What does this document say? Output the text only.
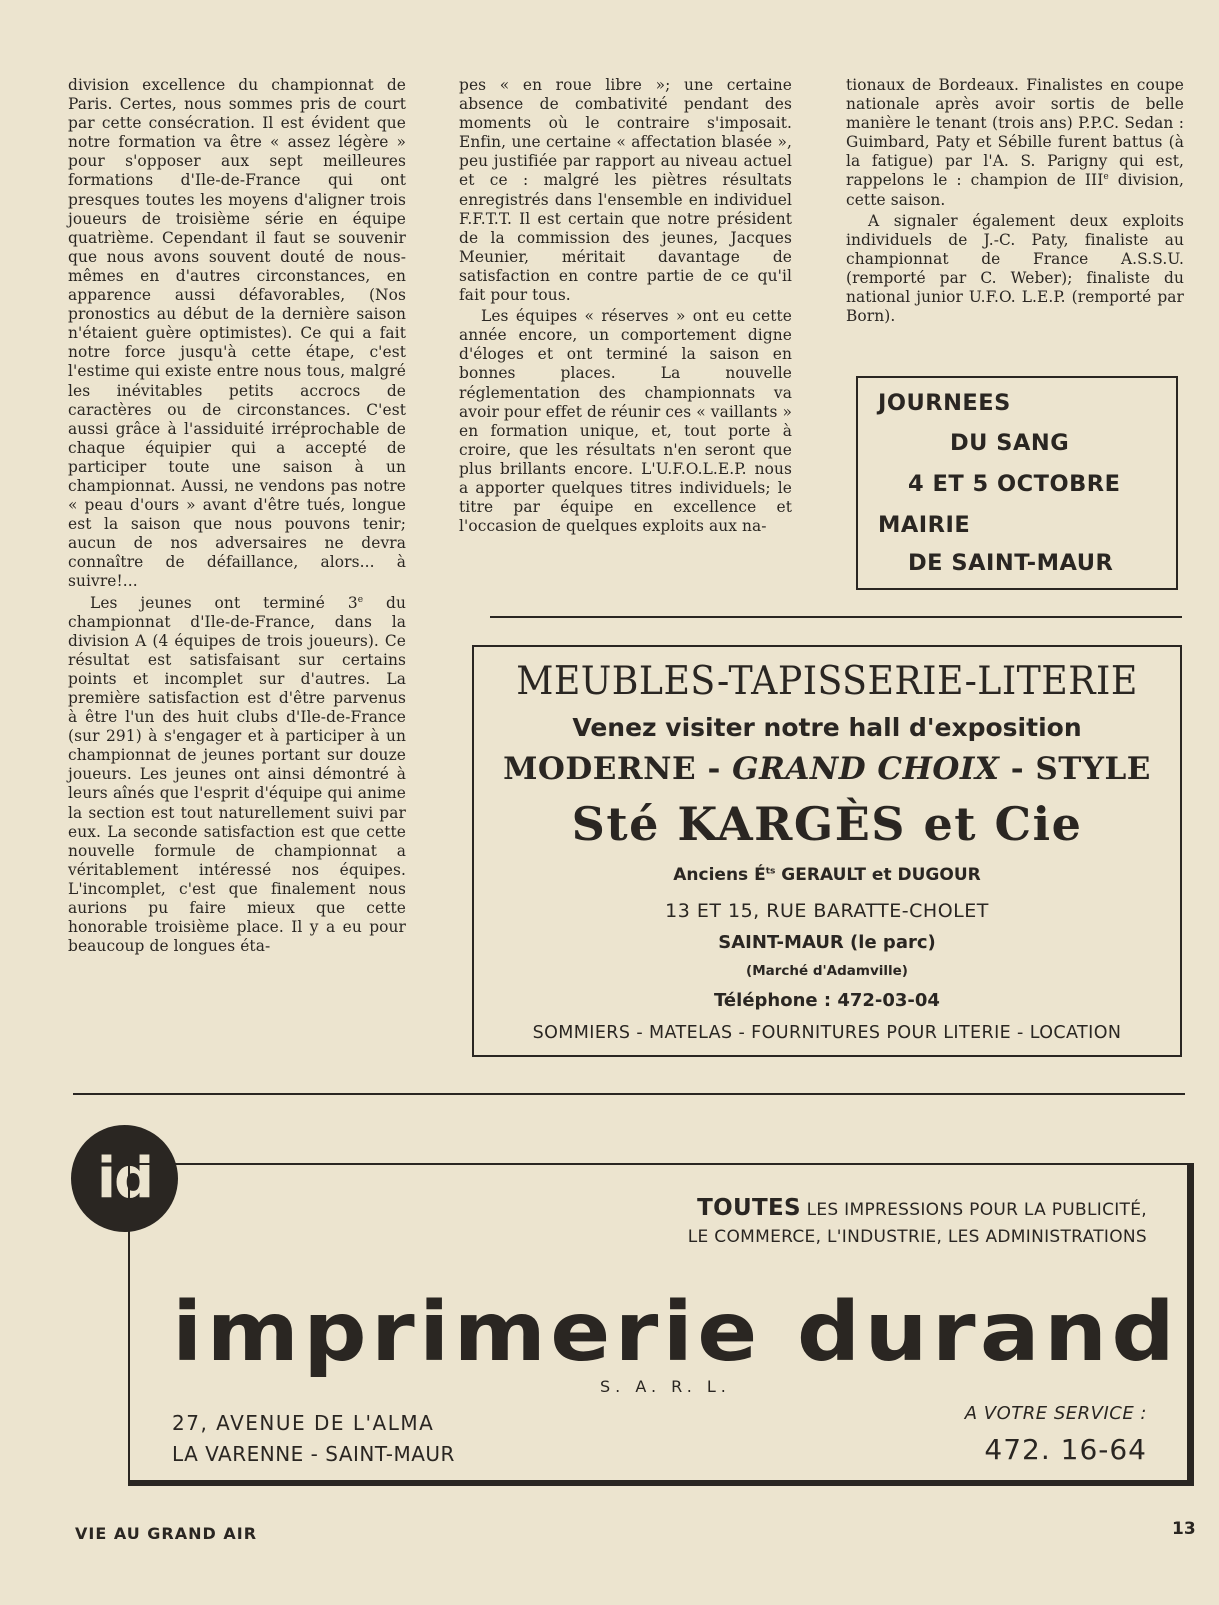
division excellence du championnat de Paris. Certes, nous sommes pris de court par cette consécration. Il est évident que notre formation va être « assez légère » pour s'opposer aux sept meilleures formations d'Ile-de-France qui ont presques toutes les moyens d'aligner trois joueurs de troisième série en équipe quatrième. Cependant il faut se souvenir que nous avons souvent douté de nous-mêmes en d'autres circonstances, en apparence aussi défavorables, (Nos pronostics au début de la dernière saison n'étaient guère optimistes). Ce qui a fait notre force jusqu'à cette étape, c'est l'estime qui existe entre nous tous, malgré les inévitables petits accrocs de caractères ou de circonstances. C'est aussi grâce à l'assiduité irréprochable de chaque équipier qui a accepté de participer toute une saison à un championnat. Aussi, ne vendons pas notre « peau d'ours » avant d'être tués, longue est la saison que nous pouvons tenir; aucun de nos adversaires ne devra connaître de défaillance, alors... à suivre!...

Les jeunes ont terminé 3e du championnat d'Ile-de-France, dans la division A (4 équipes de trois joueurs). Ce résultat est satisfaisant sur certains points et incomplet sur d'autres. La première satisfaction est d'être parvenus à être l'un des huit clubs d'Ile-de-France (sur 291) à s'engager et à participer à un championnat de jeunes portant sur douze joueurs. Les jeunes ont ainsi démontré à leurs aînés que l'esprit d'équipe qui anime la section est tout naturellement suivi par eux. La seconde satisfaction est que cette nouvelle formule de championnat a véritablement intéressé nos équipes. L'incomplet, c'est que finalement nous aurions pu faire mieux que cette honorable troisième place. Il y a eu pour beaucoup de longues éta-

pes « en roue libre »; une certaine absence de combativité pendant des moments où le contraire s'imposait. Enfin, une certaine « affectation blasée », peu justifiée par rapport au niveau actuel et ce : malgré les piètres résultats enregistrés dans l'ensemble en individuel F.F.T.T. Il est certain que notre président de la commission des jeunes, Jacques Meunier, méritait davantage de satisfaction en contre partie de ce qu'il fait pour tous.

Les équipes « réserves » ont eu cette année encore, un comportement digne d'éloges et ont terminé la saison en bonnes places. La nouvelle réglementation des championnats va avoir pour effet de réunir ces « vaillants » en formation unique, et, tout porte à croire, que les résultats n'en seront que plus brillants encore. L'U.F.O.L.E.P. nous a apporter quelques titres individuels; le titre par équipe en excellence et l'occasion de quelques exploits aux na-

tionaux de Bordeaux. Finalistes en coupe nationale après avoir sortis de belle manière le tenant (trois ans) P.P.C. Sedan : Guimbard, Paty et Sébille furent battus (à la fatigue) par l'A. S. Parigny qui est, rappelons le : champion de IIIe division, cette saison.

A signaler également deux exploits individuels de J.-C. Paty, finaliste au championnat de France A.S.S.U. (remporté par C. Weber); finaliste du national junior U.F.O. L.E.P. (remporté par Born).

JOURNEES
DU SANG
4 ET 5 OCTOBRE
MAIRIE
DE SAINT-MAUR
MEUBLES-TAPISSERIE-LITERIE
Venez visiter notre hall d'exposition
MODERNE - GRAND CHOIX - STYLE
Sté KARGÈS et Cie
Anciens $É^{ts}$ GERAULT et DUGOUR
13 ET 15, RUE BARATTE-CHOLET
SAINT-MAUR (le parc)
(Marché d'Adamville)
Téléphone : 472-03-04
SOMMIERS - MATELAS - FOURNITURES POUR LITERIE - LOCATION
id	TOUTES LES IMPRESSIONS POUR LA PUBLICITÉ,
LE COMMERCE, L'INDUSTRIE, LES ADMINISTRATIONS
imprimerie durand
S. A. R. L.
27, AVENUE DE L'ALMA
LA VARENNE - SAINT-MAUR
A VOTRE SERVICE :
472. 16-64
VIE AU GRAND AIR	13
